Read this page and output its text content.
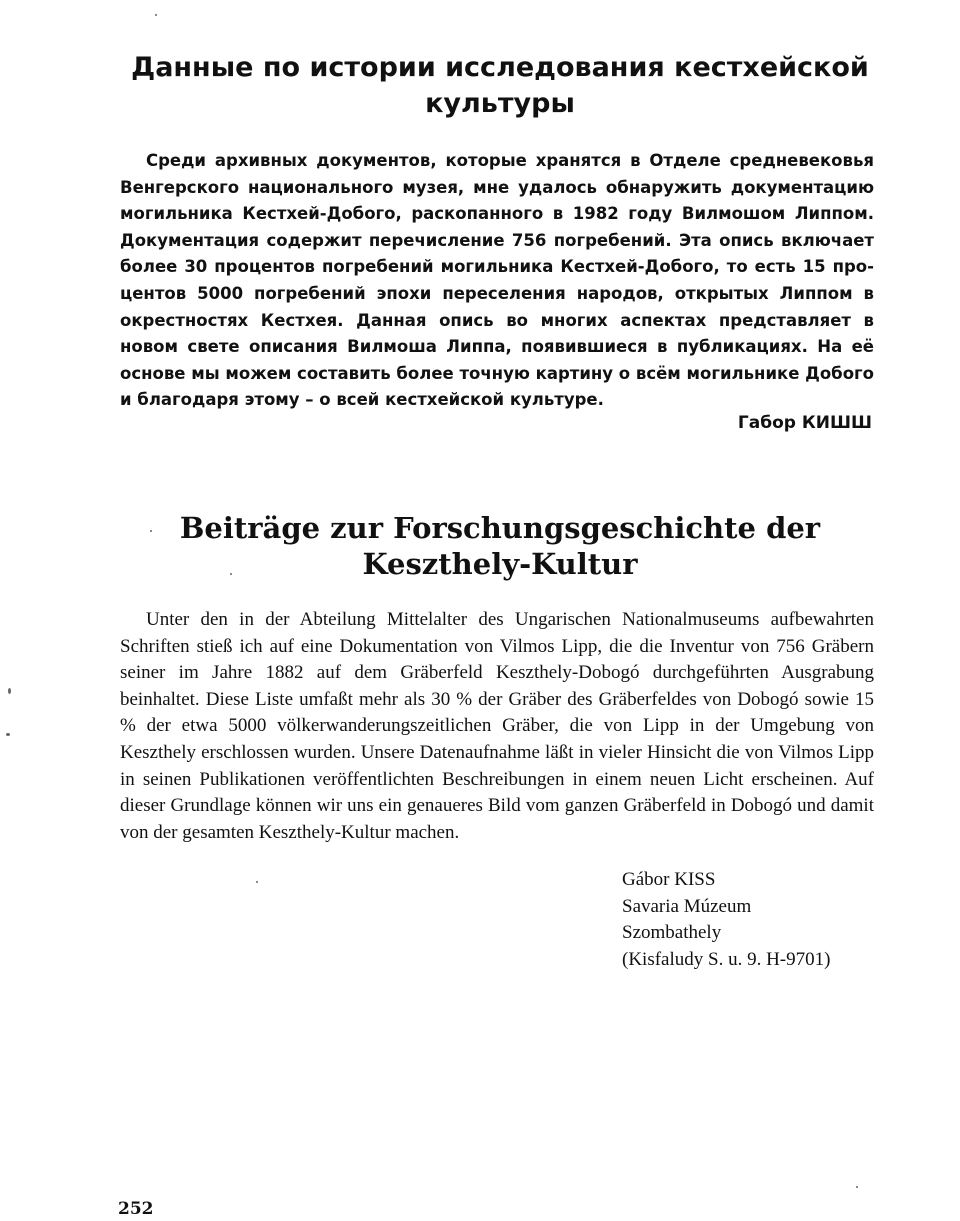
Данные по истории исследования кестхейской культуры

Среди архивных документов, которые хранятся в Отделе средневековья Венгерского национального музея, мне удалось обнаружить документацию могильника Кестхей-Добого, раскопанного в 1982 году Вилмошом Липпом. Документация содержит перечисление 756 погребений. Эта опись включает более 30 процентов погребений могильника Кестхей-Добого, то есть 15 процентов 5000 погребений эпохи переселения народов, открытых Липпом в окрестностях Кестхея. Данная опись во многих аспектах представляет в новом свете описания Вилмоша Липпа, появившиеся в публикациях. На её основе мы можем составить более точную картину о всём могильнике Добого и благодаря этому – о всей кестхейской культуре.

Габор КИШШ

Beiträge zur Forschungsgeschichte der Keszthely-Kultur

Unter den in der Abteilung Mittelalter des Ungarischen Nationalmuseums aufbewahrten Schriften stieß ich auf eine Dokumentation von Vilmos Lipp, die die Inventur von 756 Gräbern seiner im Jahre 1882 auf dem Gräberfeld Keszthely-Dobogó durchgeführten Ausgrabung beinhaltet. Diese Liste umfaßt mehr als 30 % der Gräber des Gräberfeldes von Dobogó sowie 15 % der etwa 5000 völkerwanderungszeitlichen Gräber, die von Lipp in der Umgebung von Keszthely erschlossen wurden. Unsere Datenaufnahme läßt in vieler Hinsicht die von Vilmos Lipp in seinen Publikationen veröffentlichten Beschreibungen in einem neuen Licht erscheinen. Auf dieser Grundlage können wir uns ein genaueres Bild vom ganzen Gräberfeld in Dobogó und damit von der gesamten Keszthely-Kultur machen.

Gábor KISS
Savaria Múzeum
Szombathely
(Kisfaludy S. u. 9. H-9701)
252
